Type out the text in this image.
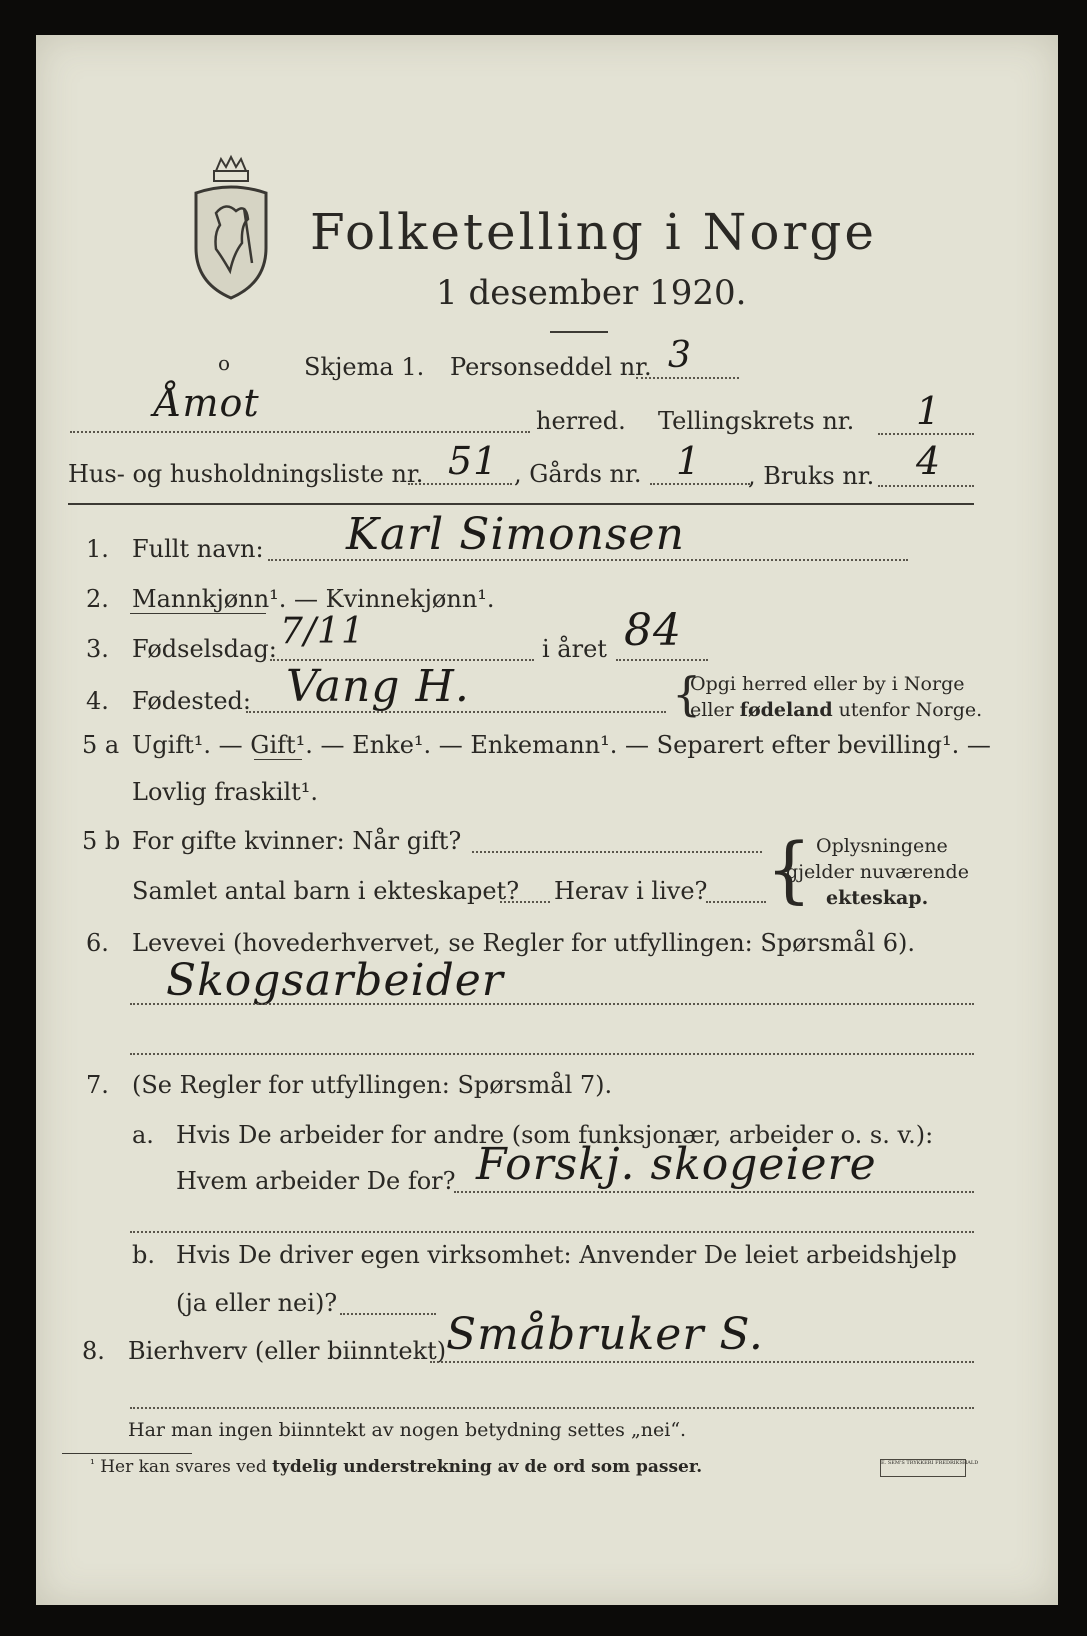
Folketelling i Norge
1 desember 1920.
o	Skjema 1. Personseddel nr. 3
Åmot	herred. Tellingskrets nr. 1
Hus- og husholdningsliste nr. 51 , Gårds nr. 1 , Bruks nr. 4
1. Fullt navn: Karl Simonsen
2. Mannkjønn¹. — Kvinnekjønn¹.
3. Fødselsdag: 7/11	i året 84
4. Fødested: Vang H.	{
Opgi herred eller by i Norge
eller fødeland utenfor Norge.
5 a Ugift¹. — Gift¹. — Enke¹. — Enkemann¹. — Separert efter bevilling¹. —
Lovlig fraskilt¹.
5 b For gifte kvinner: Når gift?
Samlet antal barn i ekteskapet? Herav i live? { Oplysningene
gjelder nuværende
ekteskap.
6. Levevei (hovederhvervet, se Regler for utfyllingen: Spørsmål 6).
Skogsarbeider
7. (Se Regler for utfyllingen: Spørsmål 7).
a. Hvis De arbeider for andre (som funksjonær, arbeider o. s. v.):
Hvem arbeider De for? Forskj. skogeiere
b. Hvis De driver egen virksomhet: Anvender De leiet arbeidshjelp
(ja eller nei)?
8. Bierhverv (eller biinntekt) Småbruker S.
Har man ingen biinntekt av nogen betydning settes „nei“.
$^{^1}$ Her kan svares ved tydelig understrekning av de ord som passer.	E. SEM'S TRYKKERI FREDRIKSHALD
